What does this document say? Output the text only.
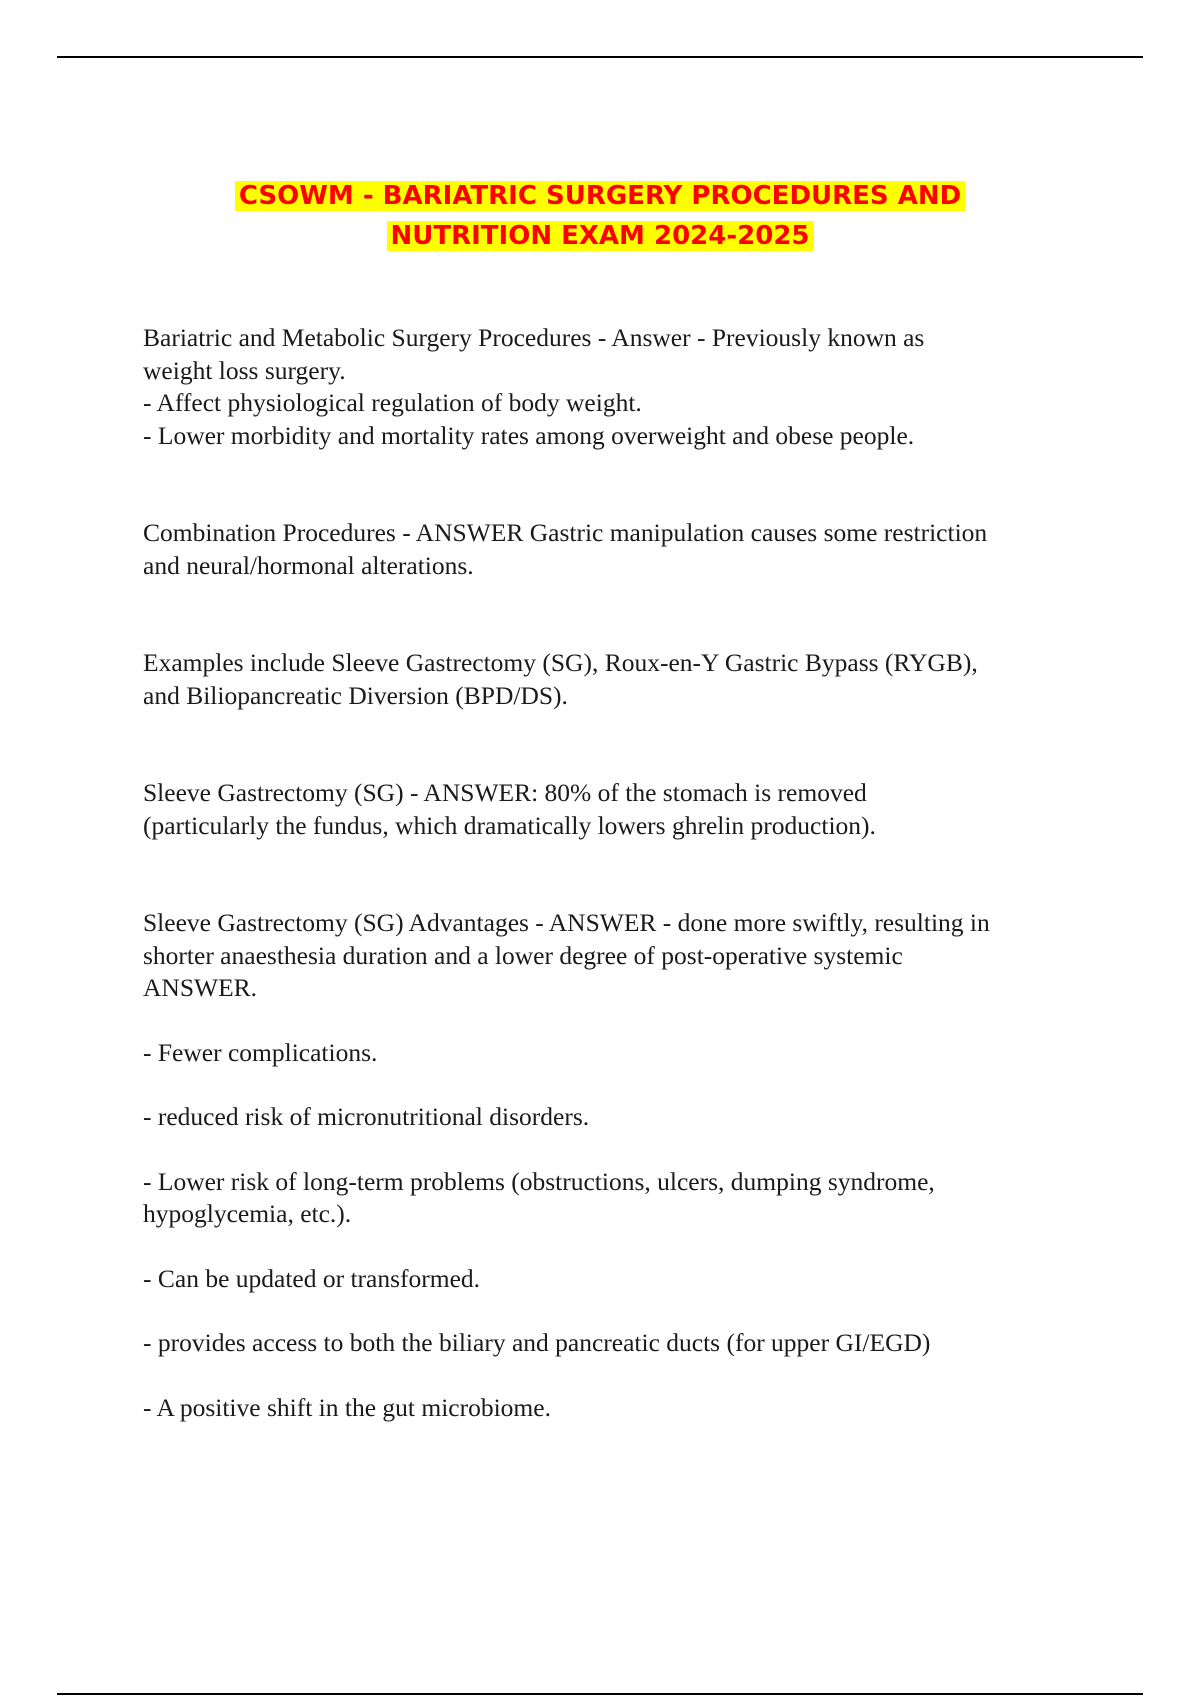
CSOWM - BARIATRIC SURGERY PROCEDURES AND
NUTRITION EXAM 2024-2025

Bariatric and Metabolic Surgery Procedures - Answer - Previously known as

weight loss surgery.

- Affect physiological regulation of body weight.

- Lower morbidity and mortality rates among overweight and obese people.

Combination Procedures - ANSWER Gastric manipulation causes some restriction

and neural/hormonal alterations.

Examples include Sleeve Gastrectomy (SG), Roux-en-Y Gastric Bypass (RYGB),

and Biliopancreatic Diversion (BPD/DS).

Sleeve Gastrectomy (SG) - ANSWER: 80% of the stomach is removed

(particularly the fundus, which dramatically lowers ghrelin production).

Sleeve Gastrectomy (SG) Advantages - ANSWER - done more swiftly, resulting in

shorter anaesthesia duration and a lower degree of post-operative systemic

ANSWER.

- Fewer complications.

- reduced risk of micronutritional disorders.

- Lower risk of long-term problems (obstructions, ulcers, dumping syndrome,

hypoglycemia, etc.).

- Can be updated or transformed.

- provides access to both the biliary and pancreatic ducts (for upper GI/EGD)

- A positive shift in the gut microbiome.
